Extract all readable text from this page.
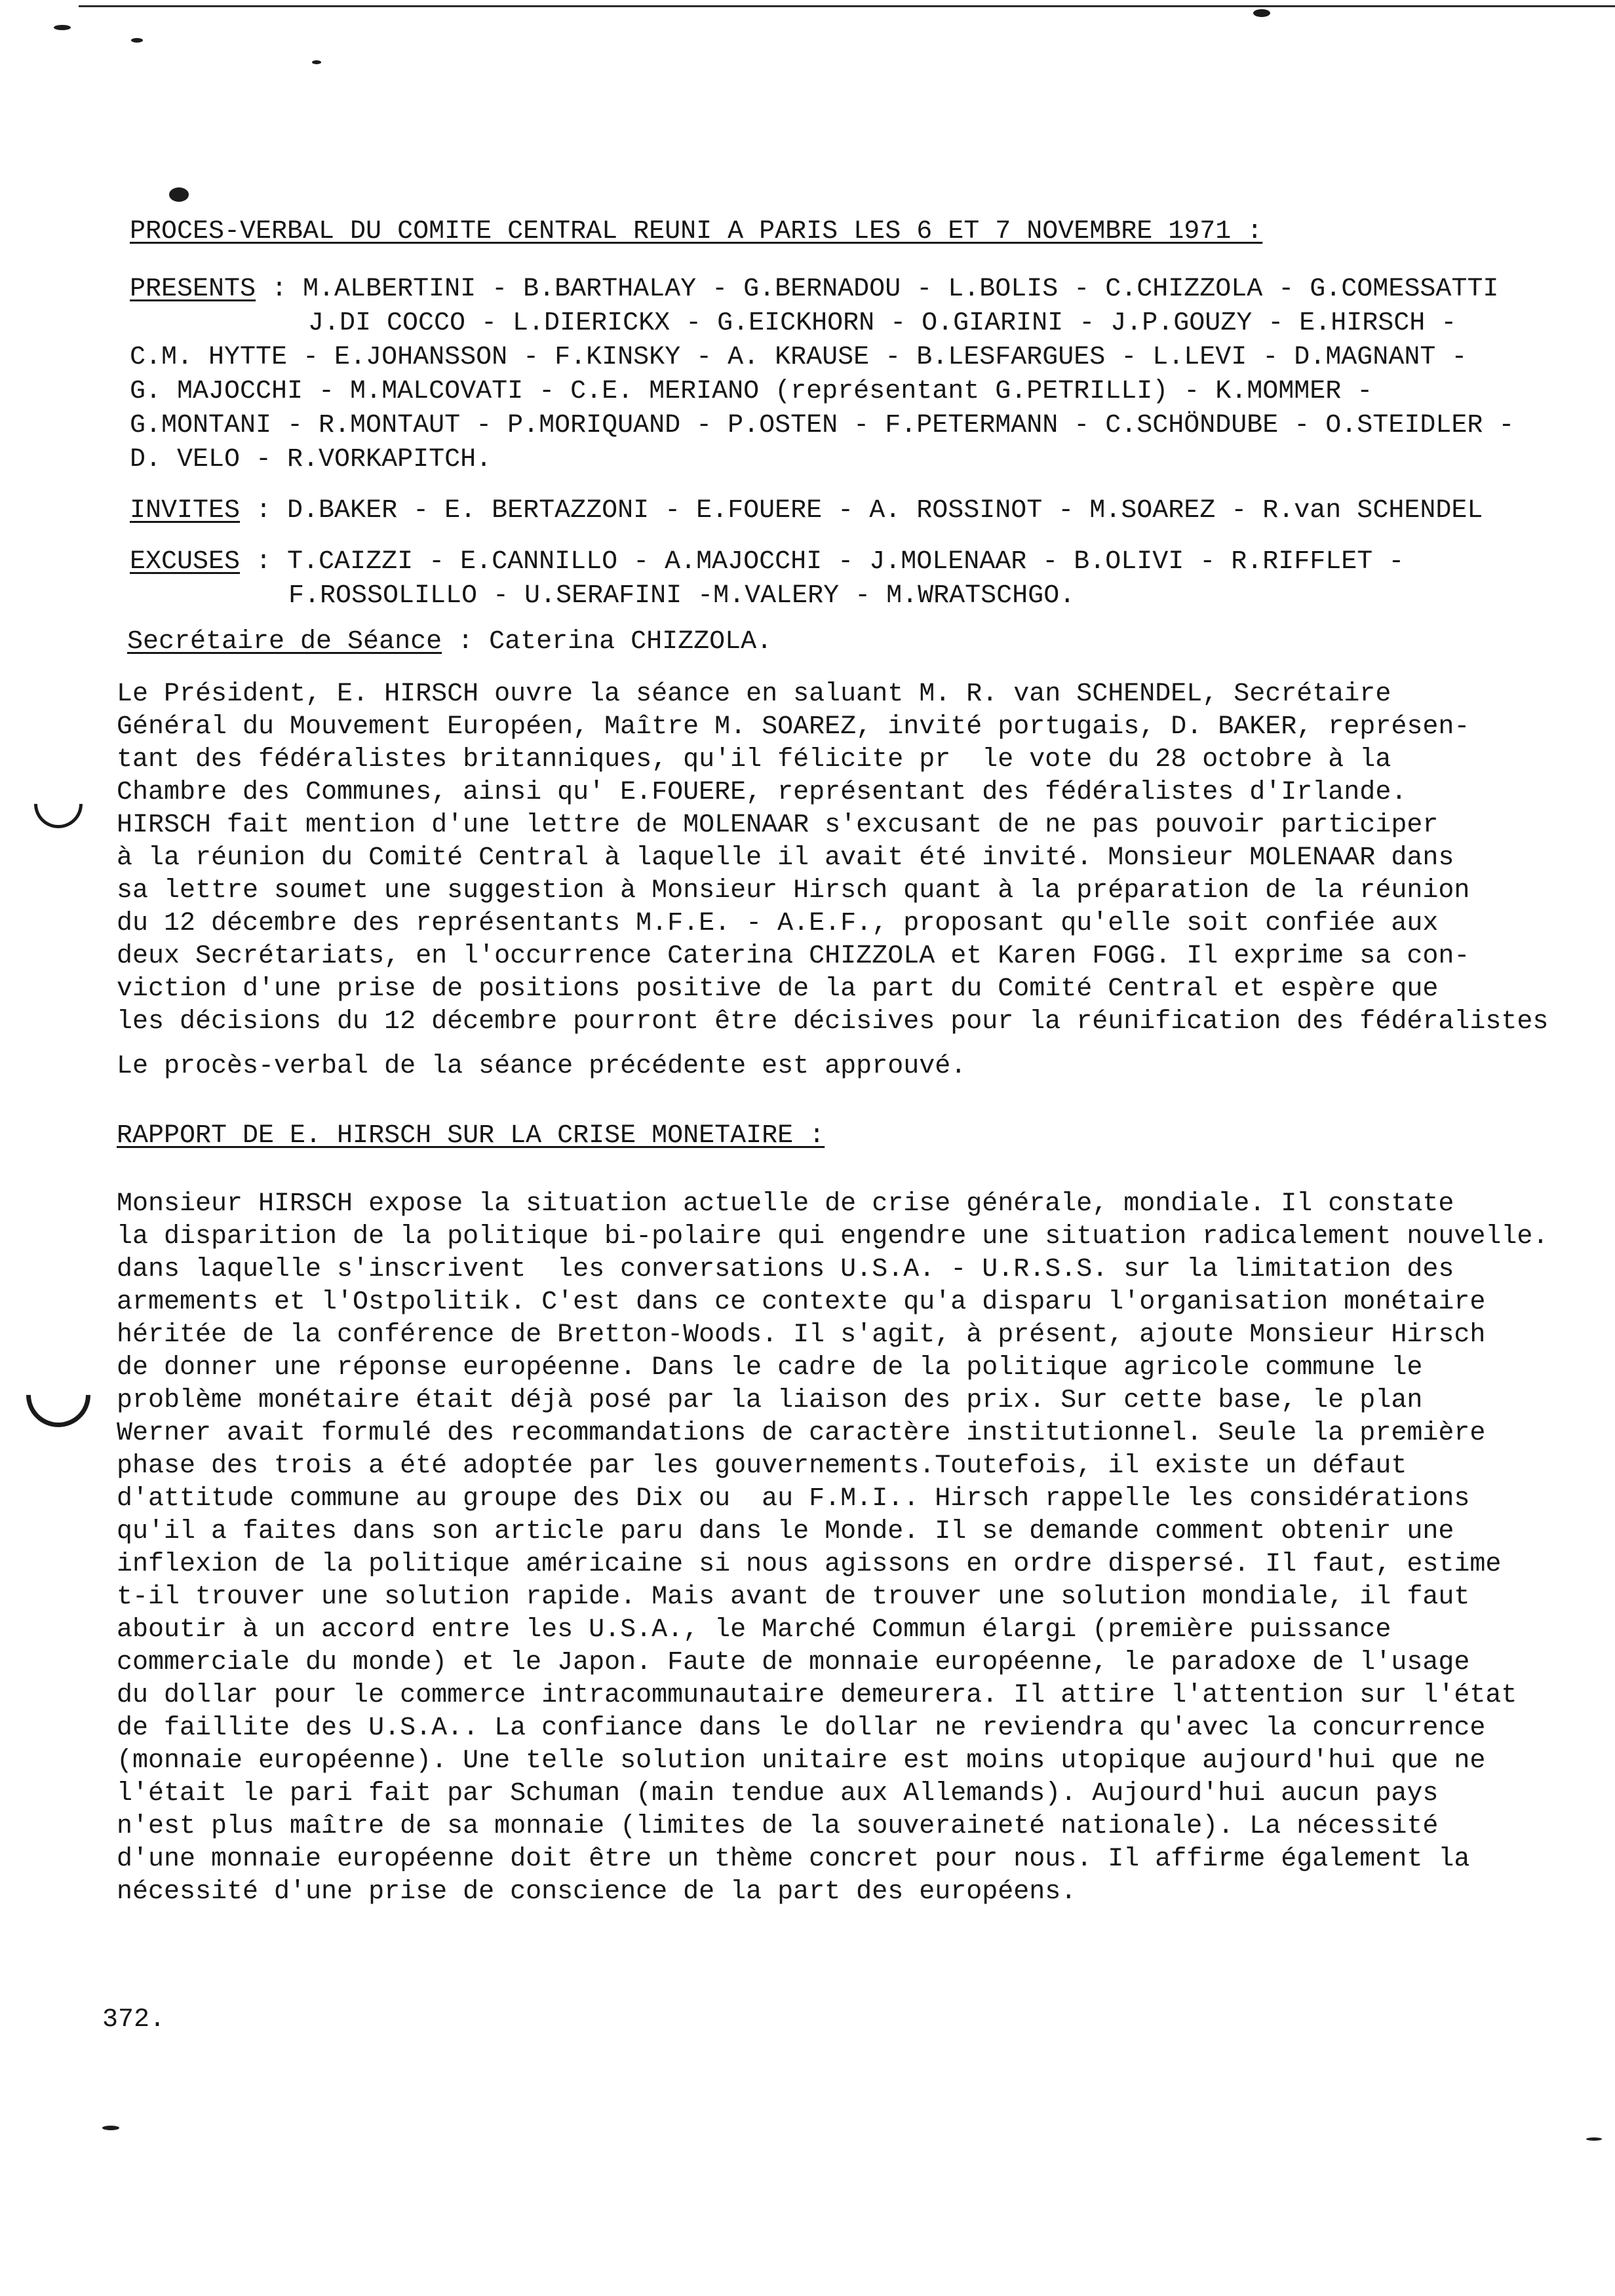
PROCES-VERBAL DU COMITE CENTRAL REUNI A PARIS LES 6 ET 7 NOVEMBRE 1971 :

PRESENTS : M.ALBERTINI - B.BARTHALAY - G.BERNADOU - L.BOLIS - C.CHIZZOLA - G.COMESSATTI

J.DI COCCO - L.DIERICKX - G.EICKHORN - O.GIARINI - J.P.GOUZY - E.HIRSCH -

C.M. HYTTE - E.JOHANSSON - F.KINSKY - A. KRAUSE - B.LESFARGUES - L.LEVI - D.MAGNANT -

G. MAJOCCHI - M.MALCOVATI - C.E. MERIANO (représentant G.PETRILLI) - K.MOMMER -

G.MONTANI - R.MONTAUT - P.MORIQUAND - P.OSTEN - F.PETERMANN - C.SCHÖNDUBE - O.STEIDLER -

D. VELO - R.VORKAPITCH.

INVITES : D.BAKER - E. BERTAZZONI - E.FOUERE - A. ROSSINOT - M.SOAREZ - R.van SCHENDEL

EXCUSES : T.CAIZZI - E.CANNILLO - A.MAJOCCHI - J.MOLENAAR - B.OLIVI - R.RIFFLET -

F.ROSSOLILLO - U.SERAFINI -M.VALERY - M.WRATSCHGO.

Secrétaire de Séance : Caterina CHIZZOLA.

Le Président, E. HIRSCH ouvre la séance en saluant M. R. van SCHENDEL, Secrétaire

Général du Mouvement Européen, Maître M. SOAREZ, invité portugais, D. BAKER, représen-

tant des fédéralistes britanniques, qu'il félicite pr  le vote du 28 octobre à la

Chambre des Communes, ainsi qu' E.FOUERE, représentant des fédéralistes d'Irlande.

HIRSCH fait mention d'une lettre de MOLENAAR s'excusant de ne pas pouvoir participer

à la réunion du Comité Central à laquelle il avait été invité. Monsieur MOLENAAR dans

sa lettre soumet une suggestion à Monsieur Hirsch quant à la préparation de la réunion

du 12 décembre des représentants M.F.E. - A.E.F., proposant qu'elle soit confiée aux

deux Secrétariats, en l'occurrence Caterina CHIZZOLA et Karen FOGG. Il exprime sa con-

viction d'une prise de positions positive de la part du Comité Central et espère que

les décisions du 12 décembre pourront être décisives pour la réunification des fédéralistes

Le procès-verbal de la séance précédente est approuvé.

RAPPORT DE E. HIRSCH SUR LA CRISE MONETAIRE :

Monsieur HIRSCH expose la situation actuelle de crise générale, mondiale. Il constate

la disparition de la politique bi-polaire qui engendre une situation radicalement nouvelle.

dans laquelle s'inscrivent  les conversations U.S.A. - U.R.S.S. sur la limitation des

armements et l'Ostpolitik. C'est dans ce contexte qu'a disparu l'organisation monétaire

héritée de la conférence de Bretton-Woods. Il s'agit, à présent, ajoute Monsieur Hirsch

de donner une réponse européenne. Dans le cadre de la politique agricole commune le

problème monétaire était déjà posé par la liaison des prix. Sur cette base, le plan

Werner avait formulé des recommandations de caractère institutionnel. Seule la première

phase des trois a été adoptée par les gouvernements.Toutefois, il existe un défaut

d'attitude commune au groupe des Dix ou  au F.M.I.. Hirsch rappelle les considérations

qu'il a faites dans son article paru dans le Monde. Il se demande comment obtenir une

inflexion de la politique américaine si nous agissons en ordre dispersé. Il faut, estime

t-il trouver une solution rapide. Mais avant de trouver une solution mondiale, il faut

aboutir à un accord entre les U.S.A., le Marché Commun élargi (première puissance

commerciale du monde) et le Japon. Faute de monnaie européenne, le paradoxe de l'usage

du dollar pour le commerce intracommunautaire demeurera. Il attire l'attention sur l'état

de faillite des U.S.A.. La confiance dans le dollar ne reviendra qu'avec la concurrence

(monnaie européenne). Une telle solution unitaire est moins utopique aujourd'hui que ne

l'était le pari fait par Schuman (main tendue aux Allemands). Aujourd'hui aucun pays

n'est plus maître de sa monnaie (limites de la souveraineté nationale). La nécessité

d'une monnaie européenne doit être un thème concret pour nous. Il affirme également la

nécessité d'une prise de conscience de la part des européens.

372.
